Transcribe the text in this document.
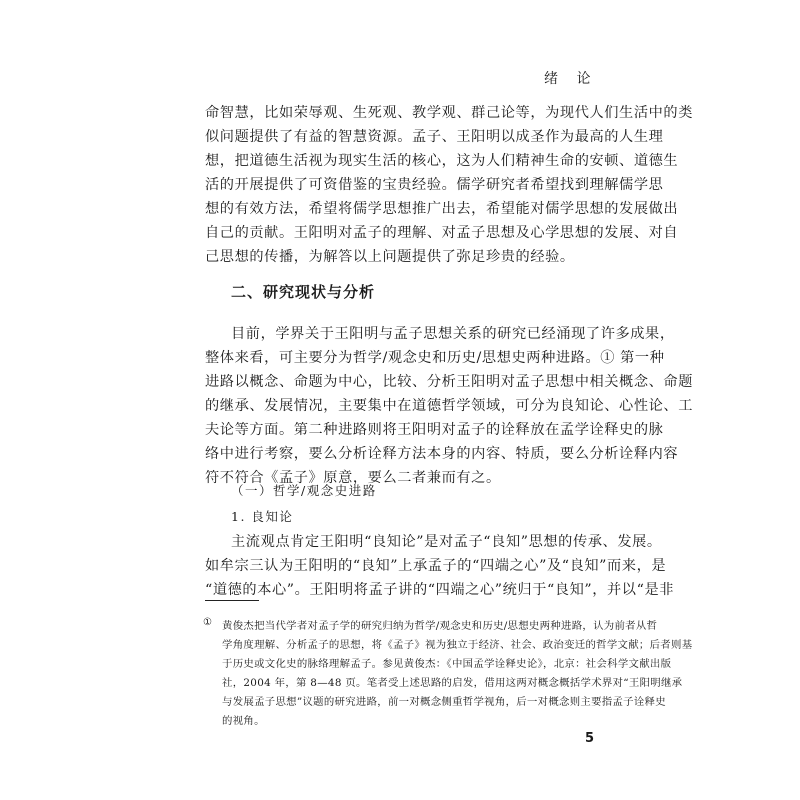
绪 论
命智慧，比如荣辱观、生死观、教学观、群己论等，为现代人们生活中的类
似问题提供了有益的智慧资源。孟子、王阳明以成圣作为最高的人生理
想，把道德生活视为现实生活的核心，这为人们精神生命的安顿、道德生
活的开展提供了可资借鉴的宝贵经验。儒学研究者希望找到理解儒学思
想的有效方法，希望将儒学思想推广出去，希望能对儒学思想的发展做出
自己的贡献。王阳明对孟子的理解、对孟子思想及心学思想的发展、对自
己思想的传播，为解答以上问题提供了弥足珍贵的经验。
二、研究现状与分析
目前，学界关于王阳明与孟子思想关系的研究已经涌现了许多成果，
整体来看，可主要分为哲学/观念史和历史/思想史两种进路。① 第一种
进路以概念、命题为中心，比较、分析王阳明对孟子思想中相关概念、命题
的继承、发展情况，主要集中在道德哲学领域，可分为良知论、心性论、工
夫论等方面。第二种进路则将王阳明对孟子的诠释放在孟学诠释史的脉
络中进行考察，要么分析诠释方法本身的内容、特质，要么分析诠释内容
符不符合《孟子》原意，要么二者兼而有之。
（一）哲学/观念史进路
1. 良知论
主流观点肯定王阳明“良知论”是对孟子“良知”思想的传承、发展。
如牟宗三认为王阳明的“良知”上承孟子的“四端之心”及“良知”而来，是
“道德的本心”。王阳明将孟子讲的“四端之心”统归于“良知”，并以“是非
① 黄俊杰把当代学者对孟子学的研究归纳为哲学/观念史和历史/思想史两种进路，认为前者从哲
学角度理解、分析孟子的思想，将《孟子》视为独立于经济、社会、政治变迁的哲学文献；后者则基
于历史或文化史的脉络理解孟子。参见黄俊杰：《中国孟学诠释史论》，北京：社会科学文献出版
社，2004 年，第 8—48 页。笔者受上述思路的启发，借用这两对概念概括学术界对“王阳明继承
与发展孟子思想”议题的研究进路，前一对概念侧重哲学视角，后一对概念则主要指孟子诠释史
的视角。
5
